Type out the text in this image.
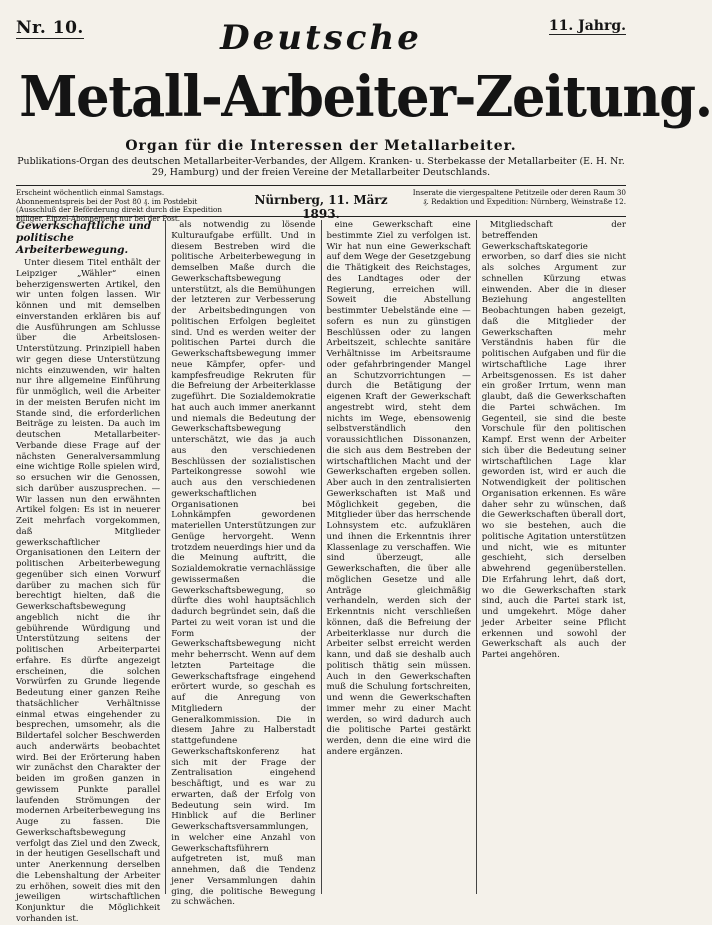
Nr. 10.	11. Jahrg.
Deutsche
Metall-Arbeiter-Zeitung.
Organ für die Interessen der Metallarbeiter.
Publikations-Organ des deutschen Metallarbeiter-Verbandes, der Allgem. Kranken- u. Sterbekasse der Metallarbeiter (E. H. Nr. 29, Hamburg) und der freien Vereine der Metallarbeiter Deutschlands.
Erscheint wöchentlich einmal Samstags. Abonnementspreis bei der Post 80 ₰. im Postdebit (Ausschluß der Beförderung direkt durch die Expedition billiger. Einzel-Abonnement nur bei der Post.
Nürnberg, 11. März 1893.
Inserate die viergespaltene Petitzeile oder deren Raum 30 ₰. Redaktion und Expedition: Nürnberg, Weinstraße 12.
Gewerkschaftliche und politische Arbeiterbewegung.

Unter diesem Titel enthält der Leipziger „Wähler“ einen beherzigenswerten Artikel, den wir unten folgen lassen. Wir können und mit demselben einverstanden erklären bis auf die Ausführungen am Schlusse über die Arbeitslosen-Unterstützung. Prinzipiell haben wir gegen diese Unterstützung nichts einzuwenden, wir halten nur ihre allgemeine Einführung für unmöglich, weil die Arbeiter in der meisten Berufen nicht im Stande sind, die erforderlichen Beiträge zu leisten. Da auch im deutschen Metallarbeiter-Verbande diese Frage auf der nächsten Generalversammlung eine wichtige Rolle spielen wird, so ersuchen wir die Genossen, sich darüber auszusprechen. — Wir lassen nun den erwähnten Artikel folgen: Es ist in neuerer Zeit mehrfach vorgekommen, daß Mitglieder gewerkschaftlicher Organisationen den Leitern der politischen Arbeiterbewegung gegenüber sich einen Vorwurf darüber zu machen sich für berechtigt hielten, daß die Gewerkschaftsbewegung angeblich nicht die ihr gebührende Würdigung und Unterstützung seitens der politischen Arbeiterpartei erfahre. Es dürfte angezeigt erscheinen, die solchen Vorwürfen zu Grunde liegende Bedeutung einer ganzen Reihe thatsächlicher Verhältnisse einmal etwas eingehender zu besprechen, umsomehr, als die Bildertafel solcher Beschwerden auch anderwärts beobachtet wird. Bei der Erörterung haben wir zunächst den Charakter der beiden im großen ganzen in gewissem Punkte parallel laufenden Strömungen der modernen Arbeiterbewegung ins Auge zu fassen. Die Gewerkschaftsbewegung verfolgt das Ziel und den Zweck, in der heutigen Gesellschaft und unter Anerkennung derselben die Lebenshaltung der Arbeiter zu erhöhen, soweit dies mit den jeweiligen wirtschaftlichen Konjunktur die Möglichkeit vorhanden ist.

als notwendig zu lösende Kulturaufgabe erfüllt. Und in diesem Bestreben wird die politische Arbeiterbewegung in demselben Maße durch die Gewerkschaftsbewegung unterstützt, als die Bemühungen der letzteren zur Verbesserung der Arbeitsbedingungen von politischen Erfolgen begleitet sind. Und es werden weiter der politischen Partei durch die Gewerkschaftsbewegung immer neue Kämpfer, opfer- und kampfesfreudige Rekruten für die Befreiung der Arbeiterklasse zugeführt. Die Sozialdemokratie hat auch auch immer anerkannt und niemals die Bedeutung der Gewerkschaftsbewegung unterschätzt, wie das ja auch aus den verschiedenen Beschlüssen der sozialistischen Parteikongresse sowohl wie auch aus den verschiedenen gewerkschaftlichen Organisationen bei Lohnkämpfen gewordenen materiellen Unterstützungen zur Genüge hervorgeht. Wenn trotzdem neuerdings hier und da die Meinung auftritt, die Sozialdemokratie vernachlässige gewissermaßen die Gewerkschaftsbewegung, so dürfte dies wohl hauptsächlich dadurch begründet sein, daß die Partei zu weit voran ist und die Form der Gewerkschaftsbewegung nicht mehr beherrscht. Wenn auf dem letzten Parteitage die Gewerkschaftsfrage eingehend erörtert wurde, so geschah es auf die Anregung von Mitgliedern der Generalkommission. Die in diesem Jahre zu Halberstadt stattgefundene Gewerkschaftskonferenz hat sich mit der Frage der Zentralisation eingehend beschäftigt, und es war zu erwarten, daß der Erfolg von Bedeutung sein wird. Im Hinblick auf die Berliner Gewerkschaftsversammlungen, in welcher eine Anzahl von Gewerkschaftsführern aufgetreten ist, muß man annehmen, daß die Tendenz jener Versammlungen dahin ging, die politische Bewegung zu schwächen.

eine Gewerkschaft eine bestimmte Ziel zu verfolgen ist. Wir hat nun eine Gewerkschaft auf dem Wege der Gesetzgebung die Thätigkeit des Reichstages, des Landtages oder der Regierung, erreichen will. Soweit die Abstellung bestimmter Uebelstände eine — sofern es nun zu günstigen Beschlüssen oder zu langen Arbeitszeit, schlechte sanitäre Verhältnisse im Arbeitsraume oder gefahrbringender Mangel an Schutzvorrichtungen — durch die Betätigung der eigenen Kraft der Gewerkschaft angestrebt wird, steht dem nichts im Wege, ebensowenig selbstverständlich den voraussichtlichen Dissonanzen, die sich aus dem Bestreben der wirtschaftlichen Macht und der Gewerkschaften ergeben sollen. Aber auch in den zentralisierten Gewerkschaften ist Maß und Möglichkeit gegeben, die Mitglieder über das herrschende Lohnsystem etc. aufzuklären und ihnen die Erkenntnis ihrer Klassenlage zu verschaffen. Wie sind überzeugt, alle Gewerkschaften, die über alle möglichen Gesetze und alle Anträge gleichmäßig verhandeln, werden sich der Erkenntnis nicht verschließen können, daß die Befreiung der Arbeiterklasse nur durch die Arbeiter selbst erreicht werden kann, und daß sie deshalb auch politisch thätig sein müssen. Auch in den Gewerkschaften muß die Schulung fortschreiten, und wenn die Gewerkschaften immer mehr zu einer Macht werden, so wird dadurch auch die politische Partei gestärkt werden, denn die eine wird die andere ergänzen.

Mitgliedschaft der betreffenden Gewerkschaftskategorie erworben, so darf dies sie nicht als solches Argument zur schnellen Kürzung etwas einwenden. Aber die in dieser Beziehung angestellten Beobachtungen haben gezeigt, daß die Mitglieder der Gewerkschaften mehr Verständnis haben für die politischen Aufgaben und für die wirtschaftliche Lage ihrer Arbeitsgenossen. Es ist daher ein großer Irrtum, wenn man glaubt, daß die Gewerkschaften die Partei schwächen. Im Gegenteil, sie sind die beste Vorschule für den politischen Kampf. Erst wenn der Arbeiter sich über die Bedeutung seiner wirtschaftlichen Lage klar geworden ist, wird er auch die Notwendigkeit der politischen Organisation erkennen. Es wäre daher sehr zu wünschen, daß die Gewerkschaften überall dort, wo sie bestehen, auch die politische Agitation unterstützen und nicht, wie es mitunter geschieht, sich derselben abwehrend gegenüberstellen. Die Erfahrung lehrt, daß dort, wo die Gewerkschaften stark sind, auch die Partei stark ist, und umgekehrt. Möge daher jeder Arbeiter seine Pflicht erkennen und sowohl der Gewerkschaft als auch der Partei angehören.
